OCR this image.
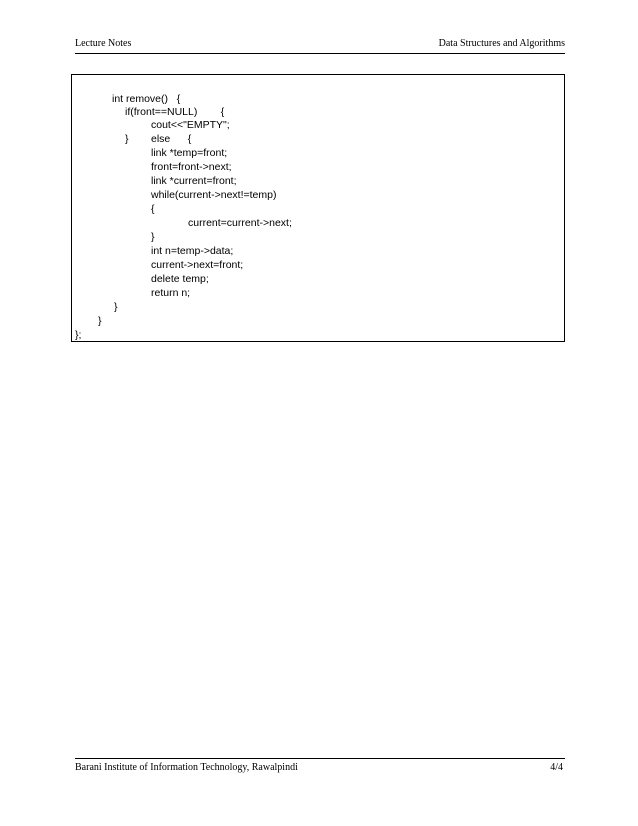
Lecture Notes	Data Structures and Algorithms
int remove()   {
if(front==NULL)        {
cout<<"EMPTY";
} else      {
link *temp=front;
front=front->next;
link *current=front;
while(current->next!=temp)
{
current=current->next;
}
int n=temp->data;
current->next=front;
delete temp;
return n;
}
}
};
Barani Institute of Information Technology, Rawalpindi	4/4
